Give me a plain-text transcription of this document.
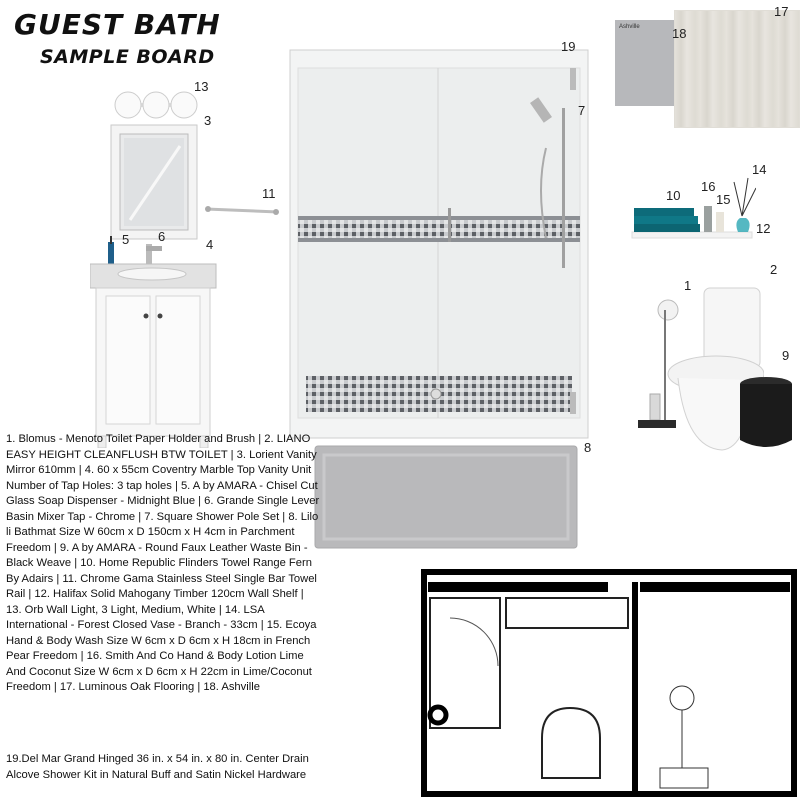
GUEST BATH
SAMPLE BOARD
Ashville
1
2
3
4
5 6
7
8
9
10
11
12
13
14
15
16
17
18
19
1. Blomus - Menoto Toilet Paper Holder and Brush | 2. LIANO EASY HEIGHT CLEANFLUSH BTW TOILET | 3. Lorient Vanity Mirror 610mm | 4. 60 x 55cm Coventry Marble Top Vanity Unit Number of Tap Holes: 3 tap holes | 5. A by AMARA - Chisel Cut Glass Soap Dispenser - Midnight Blue | 6. Grande Single Lever Basin Mixer Tap - Chrome | 7. Square Shower Pole Set | 8. Lilo li Bathmat Size W 60cm x D 150cm x H 4cm in Parchment Freedom | 9. A by AMARA - Round Faux Leather Waste Bin - Black Weave | 10. Home Republic Flinders Towel Range Fern By Adairs | 11. Chrome Gama Stainless Steel Single Bar Towel Rail | 12. Halifax Solid Mahogany Timber 120cm Wall Shelf | 13. Orb Wall Light, 3 Light, Medium, White | 14. LSA International - Forest Closed Vase - Branch - 33cm | 15. Ecoya Hand & Body Wash Size W 6cm x D 6cm x H 18cm in French Pear Freedom | 16. Smith And Co Hand & Body Lotion Lime And Coconut Size W 6cm x D 6cm x H 22cm in Lime/Coconut Freedom | 17. Luminous Oak Flooring | 18. Ashville
19.Del Mar Grand Hinged 36 in. x 54 in. x 80 in. Center Drain Alcove Shower Kit in Natural Buff and Satin Nickel Hardware
